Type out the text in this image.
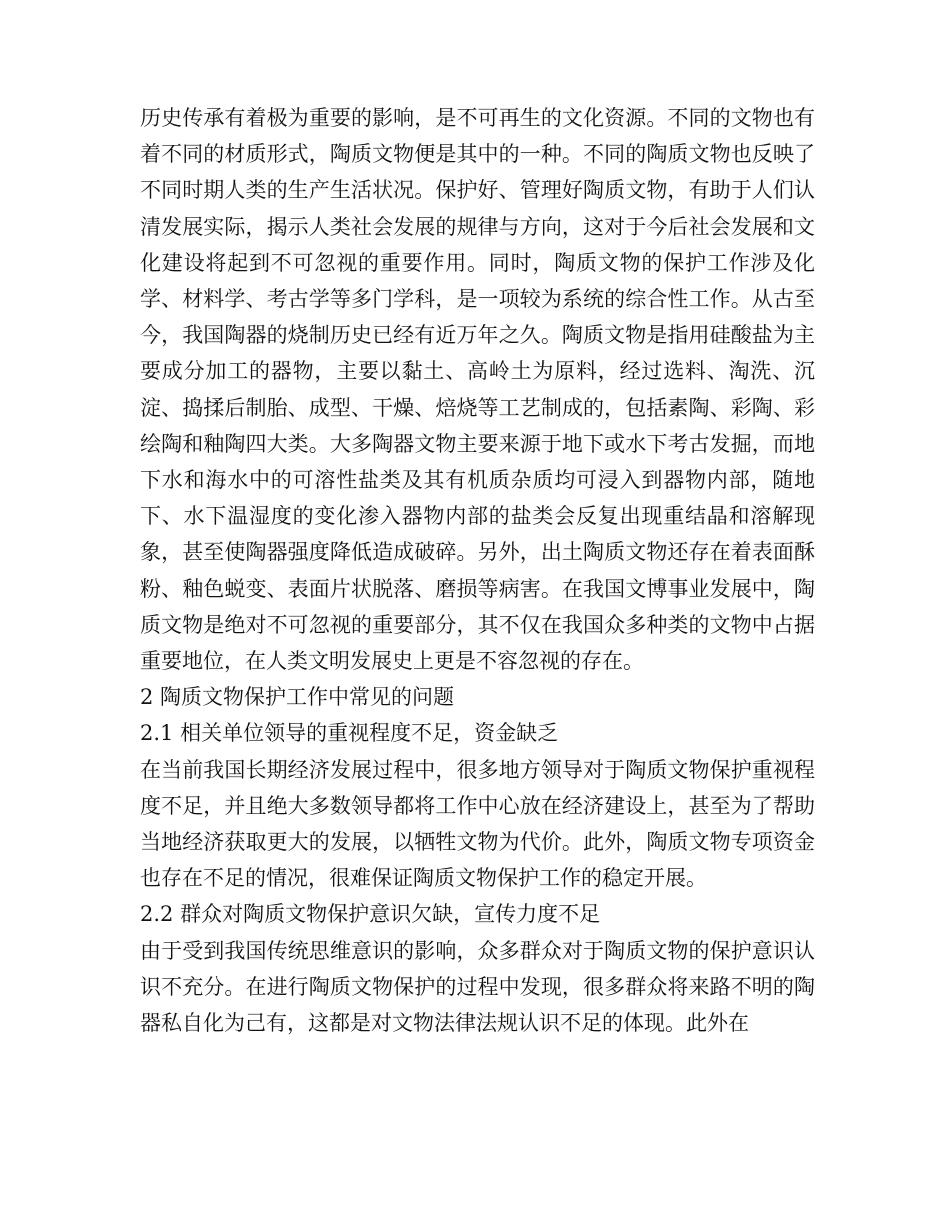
历史传承有着极为重要的影响，是不可再生的文化资源。不同的文物也有着不同的材质形式，陶质文物便是其中的一种。不同的陶质文物也反映了不同时期人类的生产生活状况。保护好、管理好陶质文物，有助于人们认清发展实际，揭示人类社会发展的规律与方向，这对于今后社会发展和文化建设将起到不可忽视的重要作用。同时，陶质文物的保护工作涉及化学、材料学、考古学等多门学科，是一项较为系统的综合性工作。从古至今，我国陶器的烧制历史已经有近万年之久。陶质文物是指用硅酸盐为主要成分加工的器物，主要以黏土、高岭土为原料，经过选料、淘洗、沉淀、捣揉后制胎、成型、干燥、焙烧等工艺制成的，包括素陶、彩陶、彩绘陶和釉陶四大类。大多陶器文物主要来源于地下或水下考古发掘，而地下水和海水中的可溶性盐类及其有机质杂质均可浸入到器物内部，随地下、水下温湿度的变化渗入器物内部的盐类会反复出现重结晶和溶解现象，甚至使陶器强度降低造成破碎。另外，出土陶质文物还存在着表面酥粉、釉色蜕变、表面片状脱落、磨损等病害。在我国文博事业发展中，陶质文物是绝对不可忽视的重要部分，其不仅在我国众多种类的文物中占据重要地位，在人类文明发展史上更是不容忽视的存在。

2 陶质文物保护工作中常见的问题
2.1 相关单位领导的重视程度不足，资金缺乏

在当前我国长期经济发展过程中，很多地方领导对于陶质文物保护重视程度不足，并且绝大多数领导都将工作中心放在经济建设上，甚至为了帮助当地经济获取更大的发展，以牺牲文物为代价。此外，陶质文物专项资金也存在不足的情况，很难保证陶质文物保护工作的稳定开展。

2.2 群众对陶质文物保护意识欠缺，宣传力度不足

由于受到我国传统思维意识的影响，众多群众对于陶质文物的保护意识认识不充分。在进行陶质文物保护的过程中发现，很多群众将来路不明的陶器私自化为己有，这都是对文物法律法规认识不足的体现。此外在
